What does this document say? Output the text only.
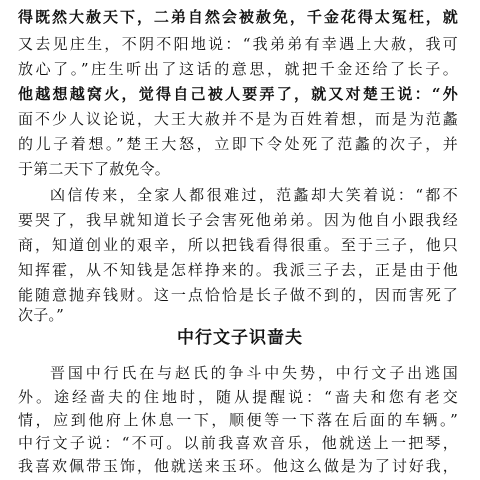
得既然大赦天下，二弟自然会被赦免，千金花得太冤枉，就
又去见庄生，不阴不阳地说：“我弟弟有幸遇上大赦，我可
放心了。”庄生听出了这话的意思，就把千金还给了长子。
他越想越窝火，觉得自己被人要弄了，就又对楚王说：“外
面不少人议论说，大王大赦并不是为百姓着想，而是为范蠡
的儿子着想。”楚王大怒，立即下令处死了范蠡的次子，并
于第二天下了赦免令。
凶信传来，全家人都很难过，范蠡却大笑着说：“都不
要哭了，我早就知道长子会害死他弟弟。因为他自小跟我经
商，知道创业的艰辛，所以把钱看得很重。至于三子，他只
知挥霍，从不知钱是怎样挣来的。我派三子去，正是由于他
能随意抛弃钱财。这一点恰恰是长子做不到的，因而害死了
次子。”
中行文子识啬夫
晋国中行氏在与赵氏的争斗中失势，中行文子出逃国
外。途经啬夫的住地时，随从提醒说：“啬夫和您有老交
情，应到他府上休息一下，顺便等一下落在后面的车辆。”
中行文子说：“不可。以前我喜欢音乐，他就送上一把琴，
我喜欢佩带玉饰，他就送来玉环。他这么做是为了讨好我，
